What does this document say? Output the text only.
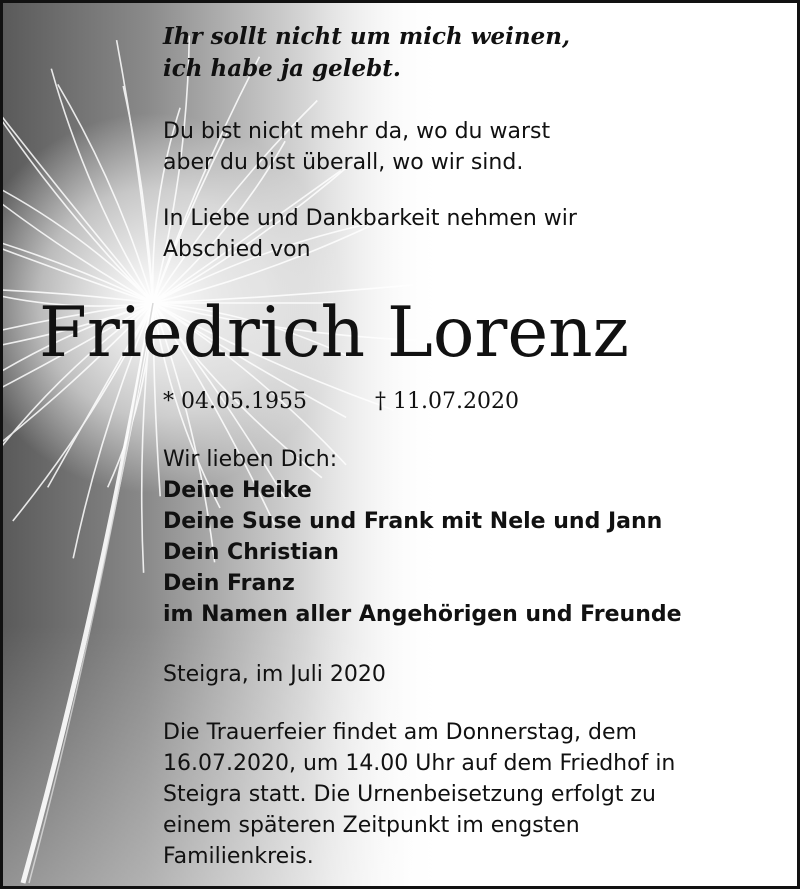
Ihr sollt nicht um mich weinen,
ich habe ja gelebt.
Du bist nicht mehr da, wo du warst
aber du bist überall, wo wir sind.
In Liebe und Dankbarkeit nehmen wir
Abschied von
Friedrich Lorenz
* 04.05.1955	† 11.07.2020
Wir lieben Dich:
Deine Heike
Deine Suse und Frank mit Nele und Jann
Dein Christian
Dein Franz
im Namen aller Angehörigen und Freunde
Steigra, im Juli 2020
Die Trauerfeier findet am Donnerstag, dem
16.07.2020, um 14.00 Uhr auf dem Friedhof in
Steigra statt. Die Urnenbeisetzung erfolgt zu
einem späteren Zeitpunkt im engsten
Familienkreis.
